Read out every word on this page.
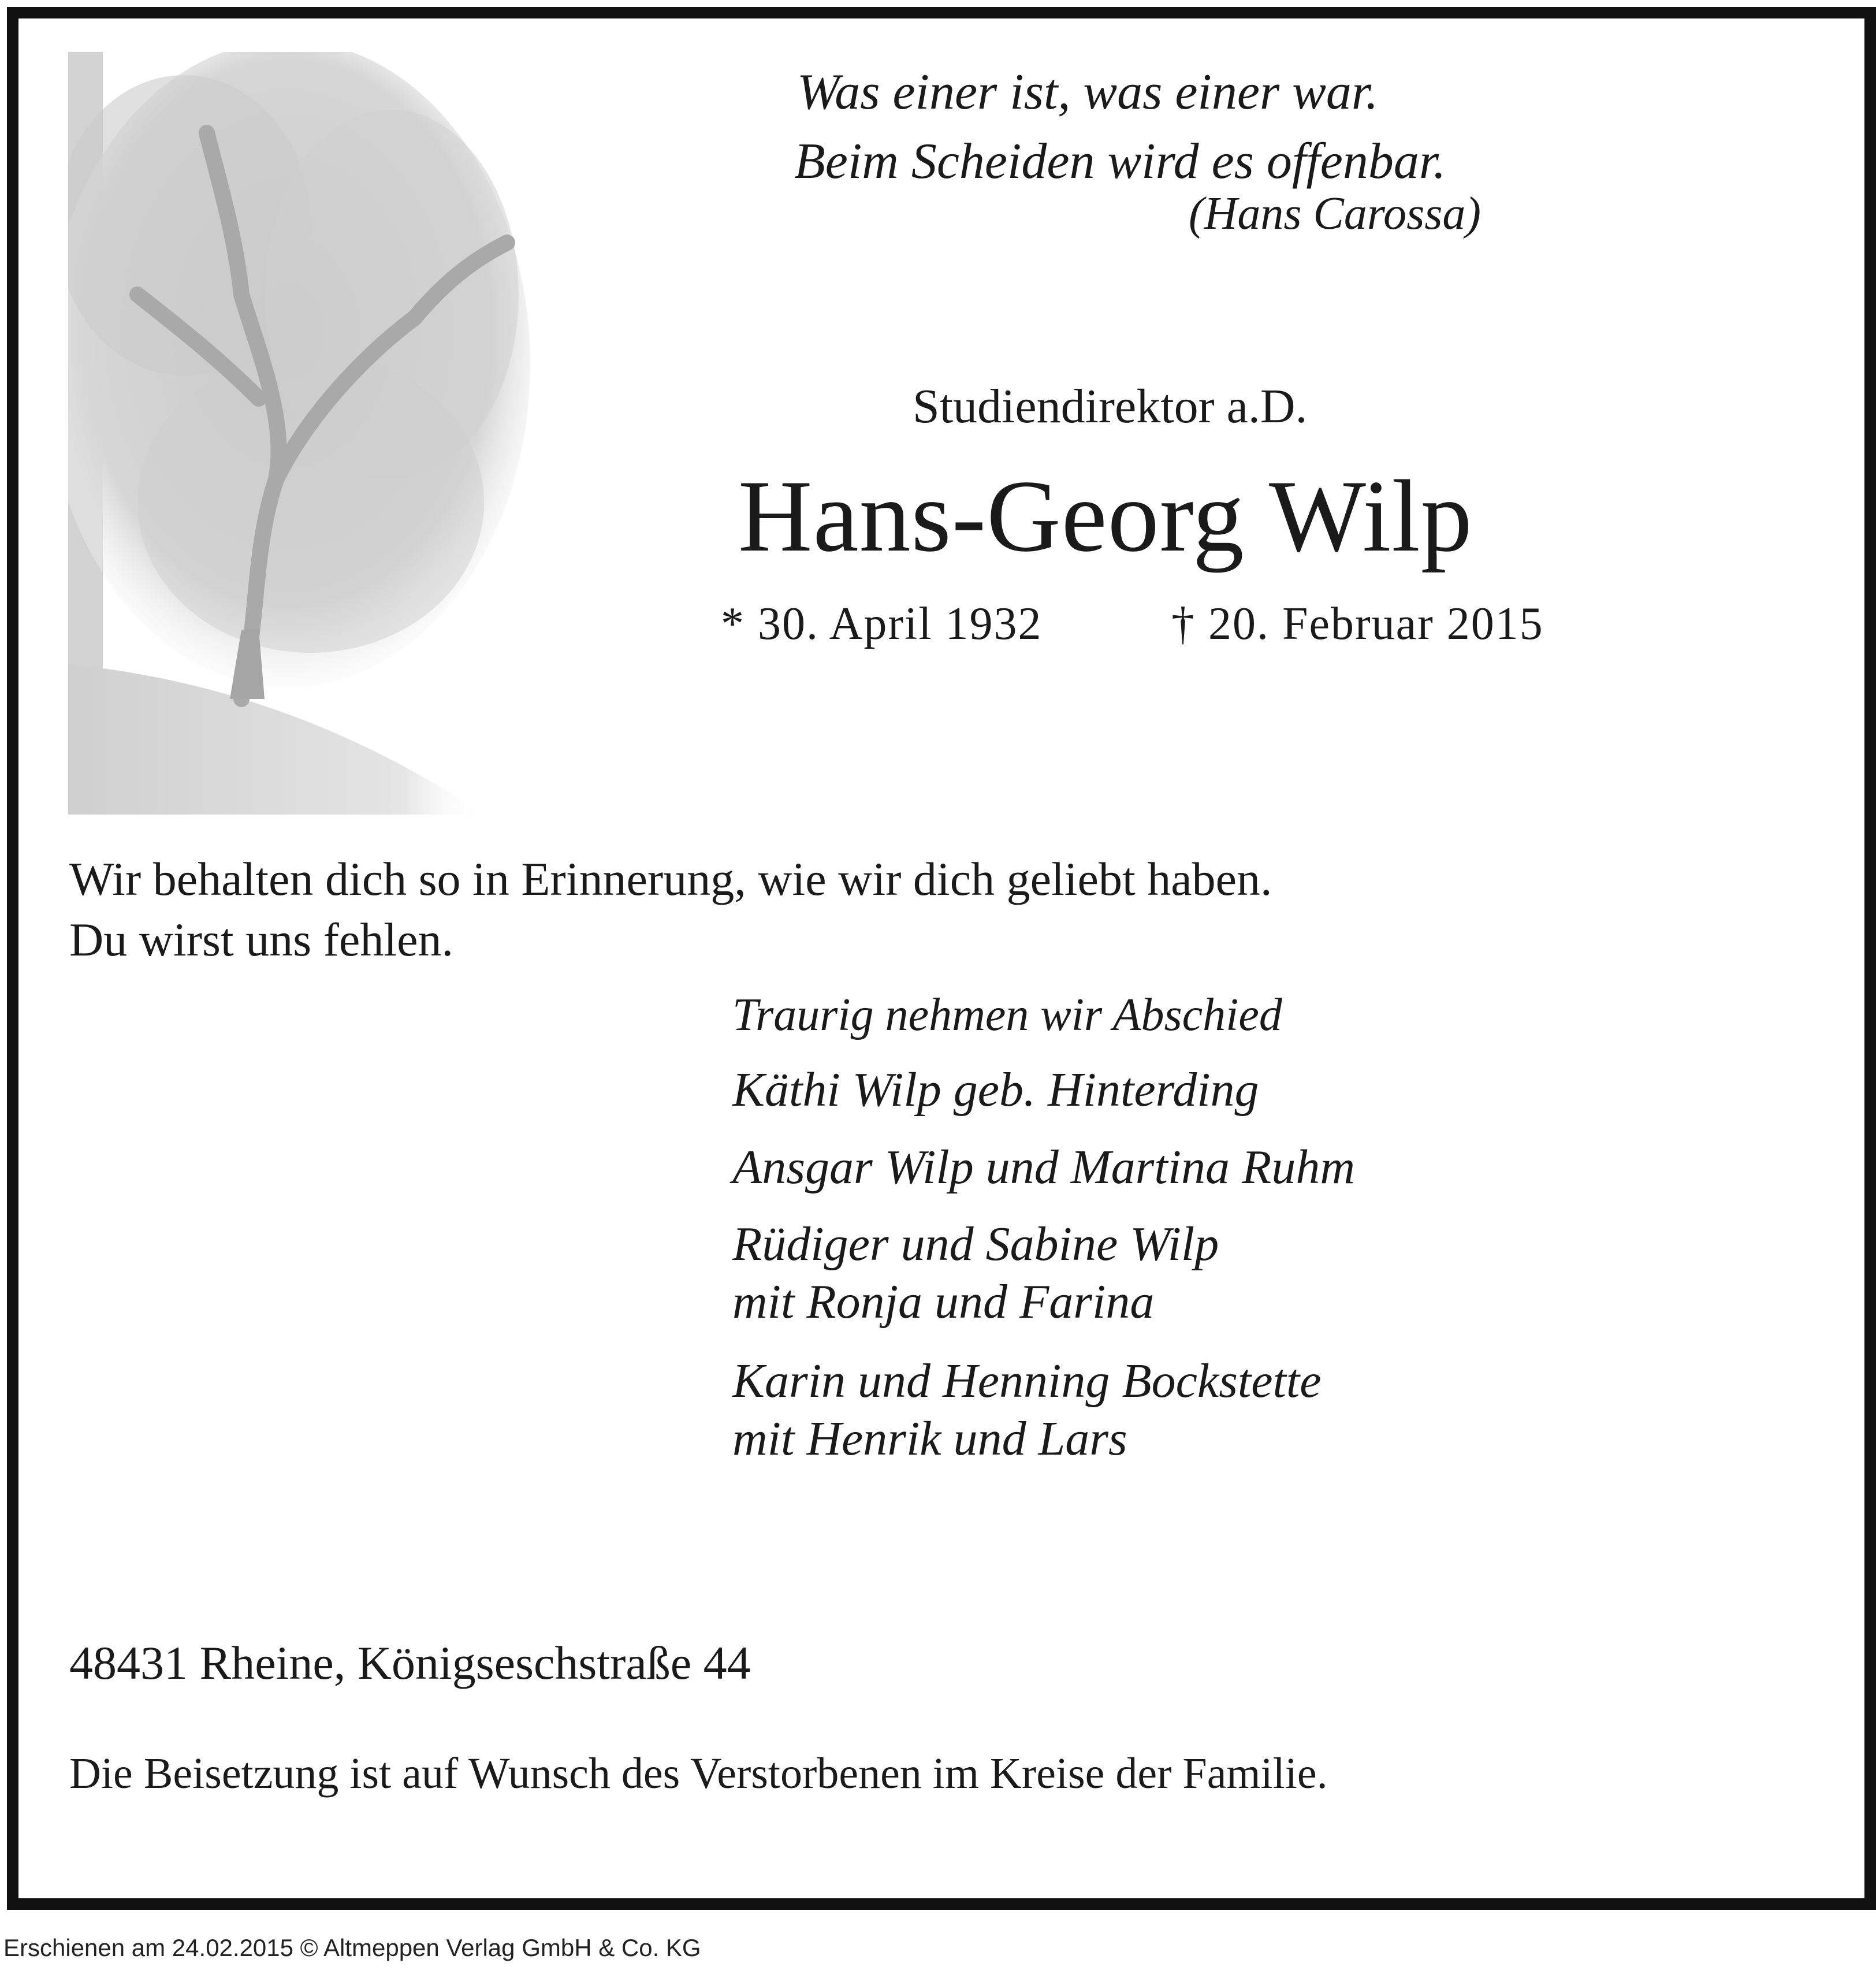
Was einer ist, was einer war.
Beim Scheiden wird es offenbar.
(Hans Carossa)
Studiendirektor a.D.
Hans-Georg Wilp
* 30. April 1932	† 20. Februar 2015
Wir behalten dich so in Erinnerung, wie wir dich geliebt haben.
Du wirst uns fehlen.
Traurig nehmen wir Abschied
Käthi Wilp geb. Hinterding
Ansgar Wilp und Martina Ruhm
Rüdiger und Sabine Wilp
mit Ronja und Farina
Karin und Henning Bockstette
mit Henrik und Lars
48431 Rheine, Königseschstraße 44
Die Beisetzung ist auf Wunsch des Verstorbenen im Kreise der Familie.
Erschienen am 24.02.2015 © Altmeppen Verlag GmbH & Co. KG
